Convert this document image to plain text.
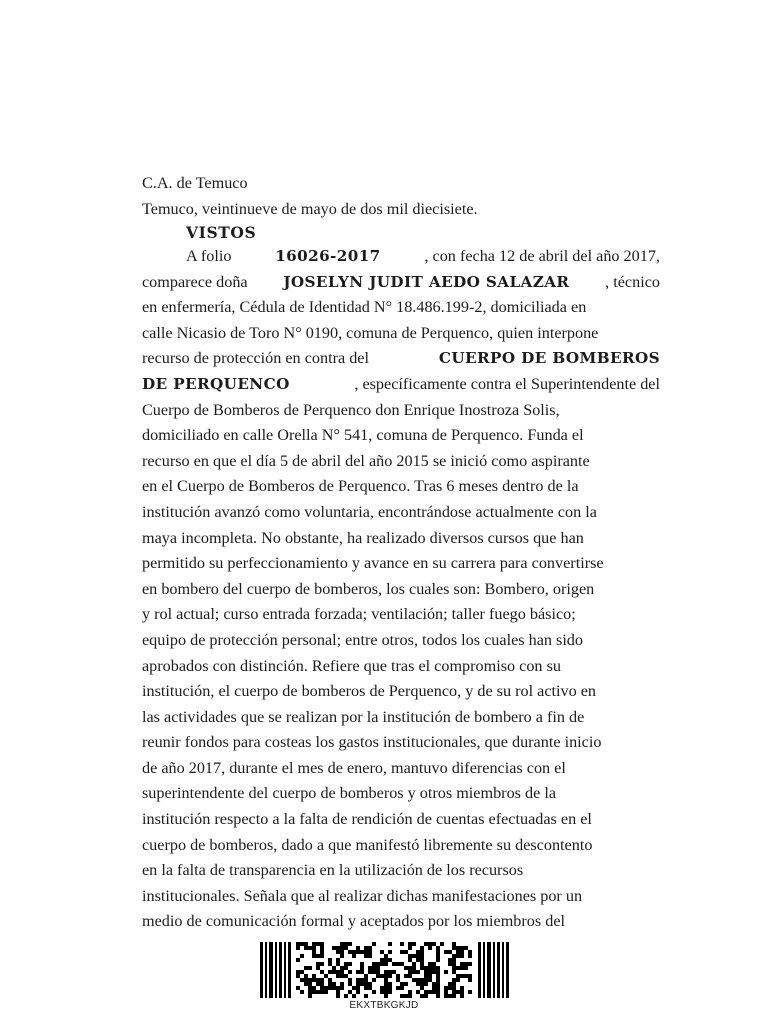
C.A. de Temuco
Temuco, veintinueve de mayo de dos mil diecisiete.
VISTOS
A folio	16026-2017	, con fecha 12 de abril del año 2017,
comparece doña JOSELYN JUDIT AEDO SALAZAR , técnico
en enfermería, Cédula de Identidad N° 18.486.199-2, domiciliada en
calle Nicasio de Toro N° 0190, comuna de Perquenco, quien interpone
recurso de protección en contra del	CUERPO DE BOMBEROS
DE PERQUENCO	, específicamente contra el Superintendente del
Cuerpo de Bomberos de Perquenco don Enrique Inostroza Solis,
domiciliado en calle Orella N° 541, comuna de Perquenco. Funda el
recurso en que el día 5 de abril del año 2015 se inició como aspirante
en el Cuerpo de Bomberos de Perquenco. Tras 6 meses dentro de la
institución avanzó como voluntaria, encontrándose actualmente con la
maya incompleta. No obstante, ha realizado diversos cursos que han
permitido su perfeccionamiento y avance en su carrera para convertirse
en bombero del cuerpo de bomberos, los cuales son: Bombero, origen
y rol actual; curso entrada forzada; ventilación; taller fuego básico;
equipo de protección personal; entre otros, todos los cuales han sido
aprobados con distinción. Refiere que tras el compromiso con su
institución, el cuerpo de bomberos de Perquenco, y de su rol activo en
las actividades que se realizan por la institución de bombero a fin de
reunir fondos para costeas los gastos institucionales, que durante inicio
de año 2017, durante el mes de enero, mantuvo diferencias con el
superintendente del cuerpo de bomberos y otros miembros de la
institución respecto a la falta de rendición de cuentas efectuadas en el
cuerpo de bomberos, dado a que manifestó libremente su descontento
en la falta de transparencia en la utilización de los recursos
institucionales. Señala que al realizar dichas manifestaciones por un
medio de comunicación formal y aceptados por los miembros del
EKXTBKGKJD
